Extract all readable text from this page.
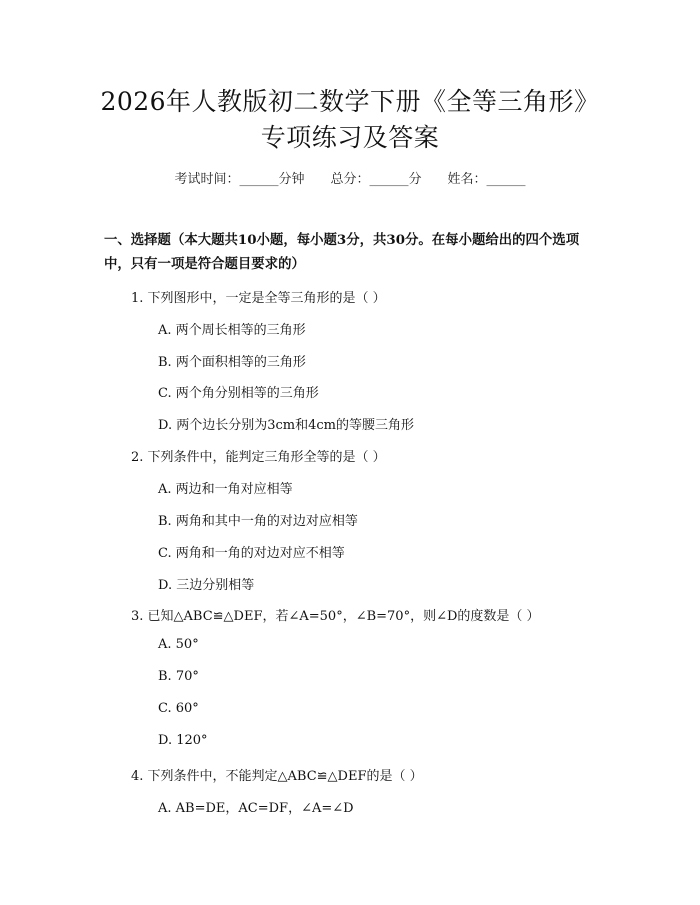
2026年人教版初二数学下册《全等三角形》
专项练习及答案
考试时间：______分钟 总分：______分 姓名：______
一、选择题（本大题共10小题，每小题3分，共30分。在每小题给出的四个选项中，只有一项是符合题目要求的）
1. 下列图形中，一定是全等三角形的是（ ）
A. 两个周长相等的三角形
B. 两个面积相等的三角形
C. 两个角分别相等的三角形
D. 两个边长分别为3cm和4cm的等腰三角形
2. 下列条件中，能判定三角形全等的是（ ）
A. 两边和一角对应相等
B. 两角和其中一角的对边对应相等
C. 两角和一角的对边对应不相等
D. 三边分别相等
3. 已知△ABC≌△DEF，若∠A=50°，∠B=70°，则∠D的度数是（ ）
A. 50°
B. 70°
C. 60°
D. 120°
4. 下列条件中，不能判定△ABC≌△DEF的是（ ）
A. AB=DE，AC=DF，∠A=∠D
